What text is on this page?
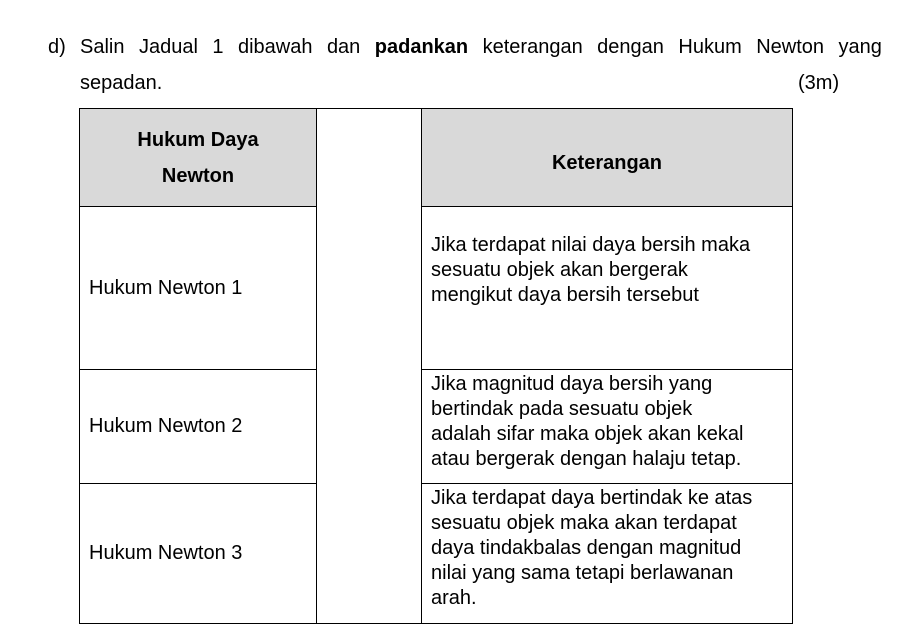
d) Salin Jadual 1 dibawah dan padankan keterangan dengan Hukum Newton yang
sepadan.	(3m)
Hukum Daya
Newton		Keterangan
Hukum Newton 1		Jika terdapat nilai daya bersih maka
sesuatu objek akan bergerak
mengikut daya bersih tersebut

Hukum Newton 2		Jika magnitud daya bersih yang
bertindak pada sesuatu objek
adalah sifar maka objek akan kekal
atau bergerak dengan halaju tetap.

Hukum Newton 3		Jika terdapat daya bertindak ke atas
sesuatu objek maka akan terdapat
daya tindakbalas dengan magnitud
nilai yang sama tetapi berlawanan
arah.
